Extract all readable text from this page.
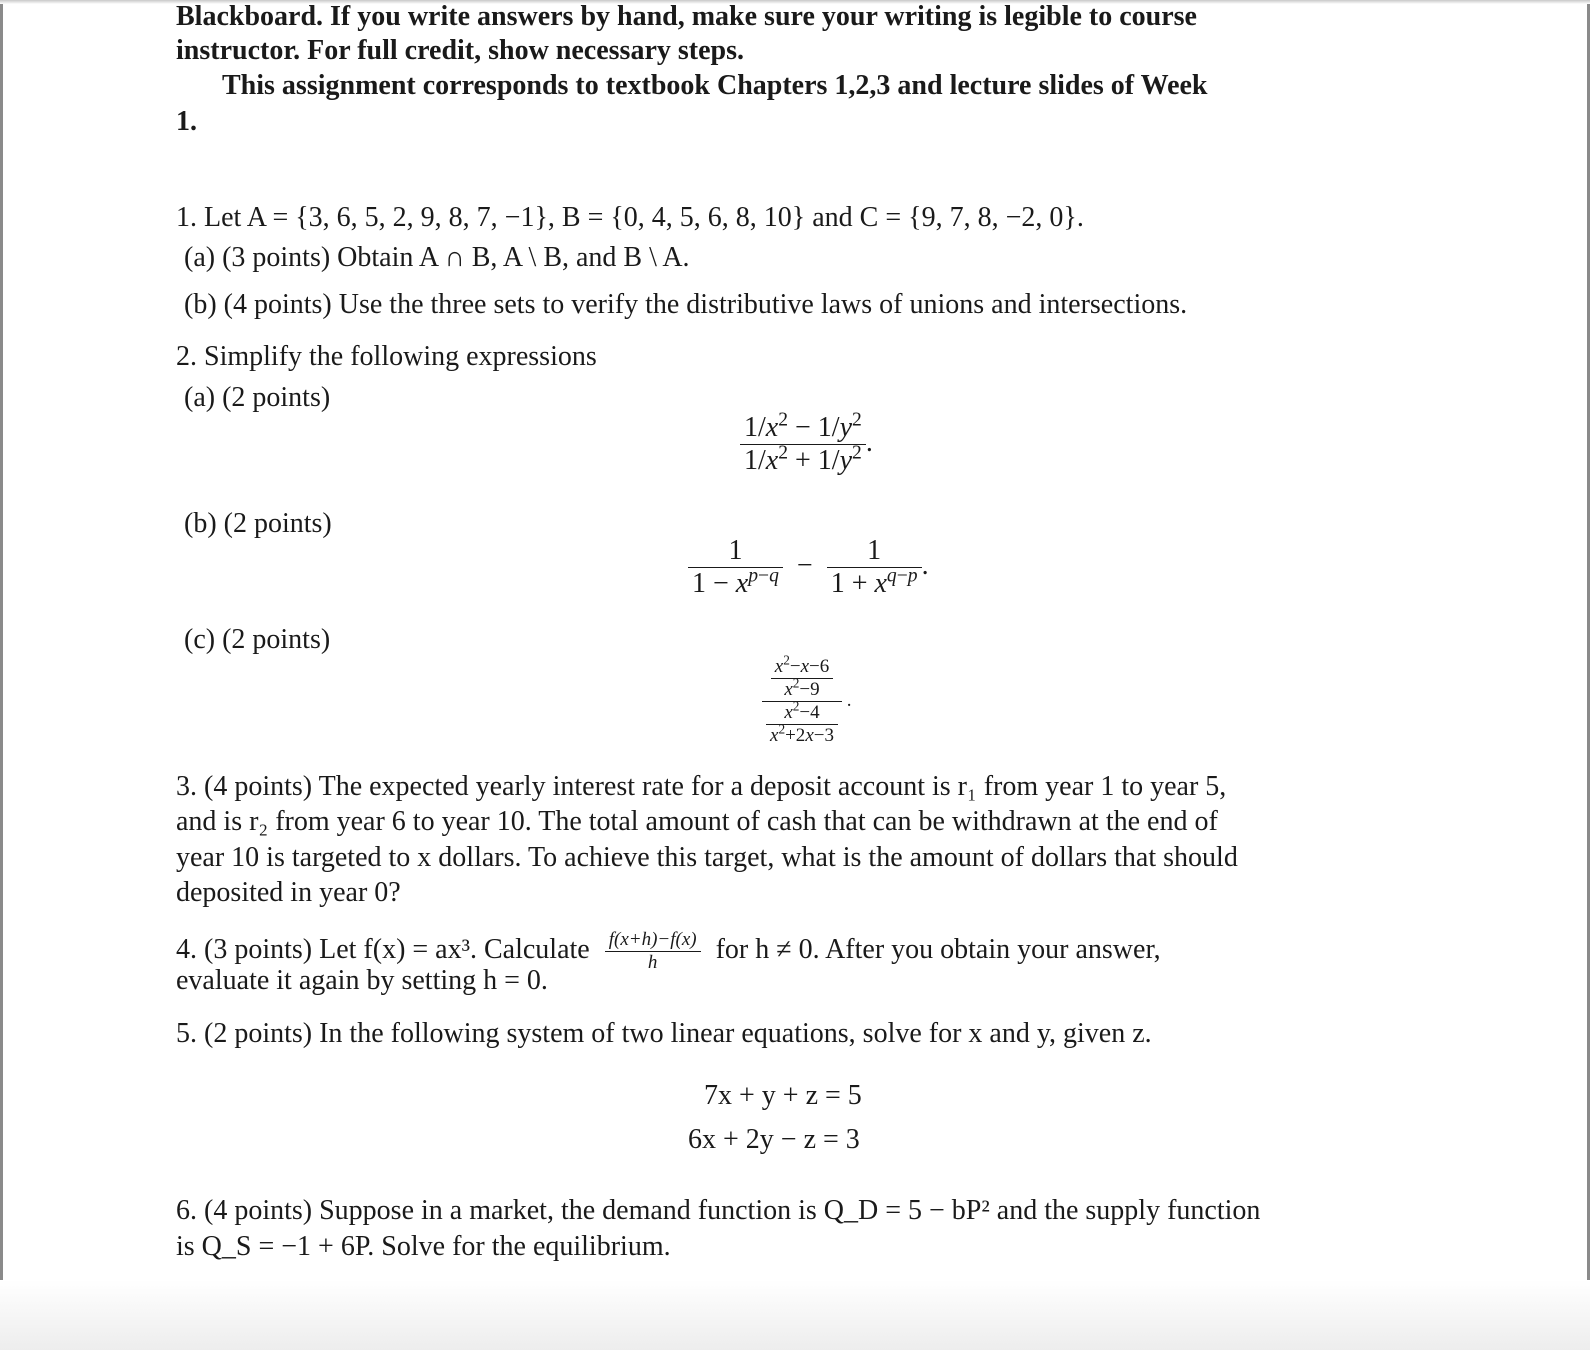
Blackboard. If you write answers by hand, make sure your writing is legible to course
instructor. For full credit, show necessary steps.
This assignment corresponds to textbook Chapters 1,2,3 and lecture slides of Week
1.
1. Let A = {3, 6, 5, 2, 9, 8, 7, −1}, B = {0, 4, 5, 6, 8, 10} and C = {9, 7, 8, −2, 0}.
(a) (3 points) Obtain A ∩ B, A \ B, and B \ A.
(b) (4 points) Use the three sets to verify the distributive laws of unions and intersections.
2. Simplify the following expressions
(a) (2 points)
$\frac{1/x^2 - 1/y^2}{1/x^2 + 1/y^2}$ .
(b) (2 points)
$\frac{1}{1 - x^{p-q}} - \frac{1}{1 + x^{q-p}}$ .
(c) (2 points)
$\frac{\frac{x^2-x-6}{x^2-9}}{\frac{x^2-4}{x^2+2x-3}}$ .
3. (4 points) The expected yearly interest rate for a deposit account is r₁ from year 1 to year 5,
and is r₂ from year 6 to year 10. The total amount of cash that can be withdrawn at the end of
year 10 is targeted to x dollars. To achieve this target, what is the amount of dollars that should
deposited in year 0?
4. (3 points) Let f(x) = ax³. Calculate $\frac{f(x+h)-f(x)}{h}$ for h ≠ 0. After you obtain your answer,
evaluate it again by setting h = 0.
5. (2 points) In the following system of two linear equations, solve for x and y, given z.
7x + y + z = 5
6x + 2y − z = 3
6. (4 points) Suppose in a market, the demand function is Q_D = 5 − bP² and the supply function
is Q_S = −1 + 6P. Solve for the equilibrium.
